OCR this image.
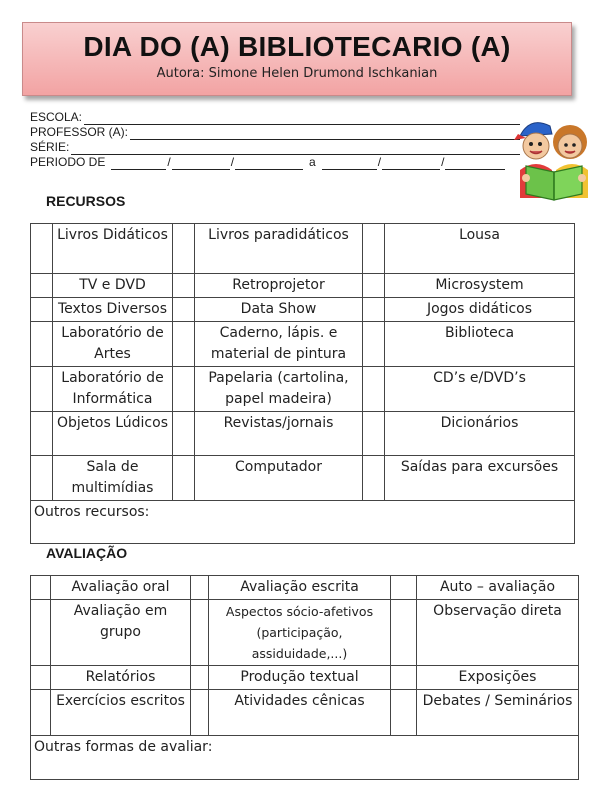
DIA DO (A) BIBLIOTECARIO (A)
Autora: Simone Helen Drumond Ischkanian
ESCOLA:
PROFESSOR (A):
SÉRIE:
PERIODO DE	/	/	a	/	/
RECURSOS
	Livros Didáticos		Livros paradidáticos		Lousa
	TV e DVD		Retroprojetor		Microsystem
	Textos Diversos		Data Show		Jogos didáticos
	Laboratório de Artes		Caderno, lápis. e material de pintura		Biblioteca
	Laboratório de Informática		Papelaria (cartolina, papel madeira)		CD’s e/DVD’s
	Objetos Lúdicos		Revistas/jornais		Dicionários
	Sala de multimídias		Computador		Saídas para excursões
Outros recursos:					
AVALIAÇÃO
	Avaliação oral		Avaliação escrita		Auto – avaliação
	Avaliação em grupo		Aspectos sócio-afetivos (participação, assiduidade,...)		Observação direta
	Relatórios		Produção textual		Exposições
	Exercícios escritos		Atividades cênicas		Debates / Seminários
Outras formas de avaliar:					
